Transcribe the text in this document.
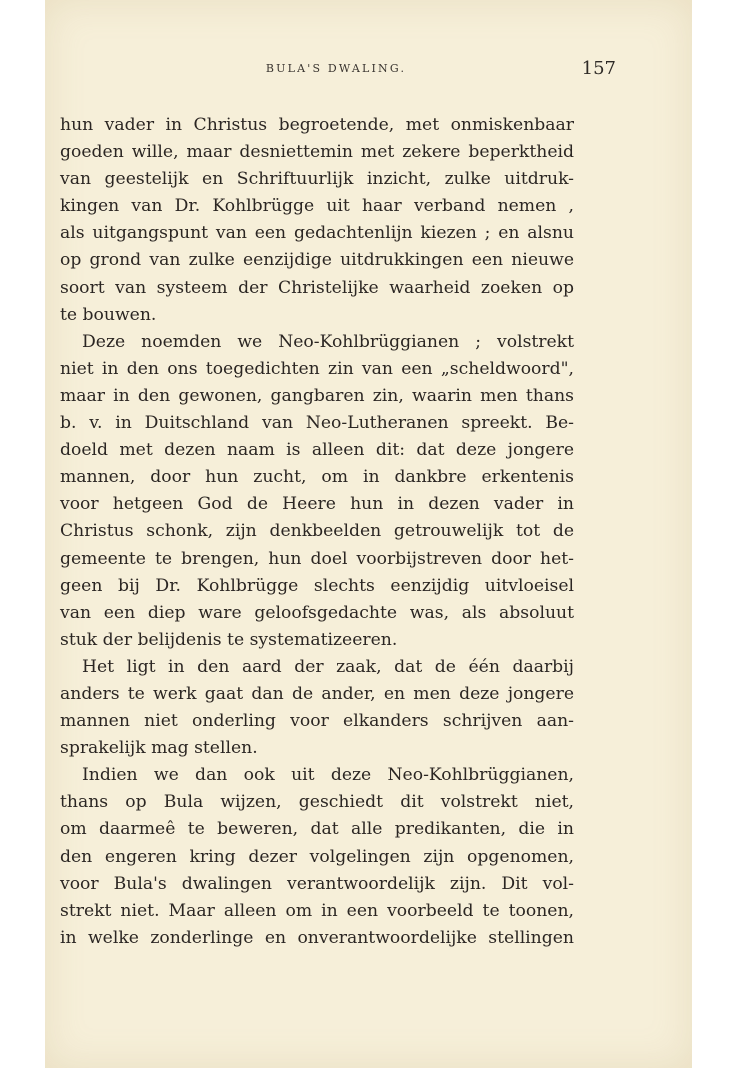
BULA'S DWALING.	157
hun vader in Christus begroetende, met onmiskenbaar
goeden wille, maar desniettemin met zekere beperktheid
van geestelijk en Schriftuurlijk inzicht, zulke uitdruk-
kingen van Dr. Kohlbrügge uit haar verband nemen ,
als uitgangspunt van een gedachtenlijn kiezen ; en alsnu
op grond van zulke eenzijdige uitdrukkingen een nieuwe
soort van systeem der Christelijke waarheid zoeken op
te bouwen.
Deze noemden we Neo-Kohlbrüggianen ; volstrekt
niet in den ons toegedichten zin van een „scheldwoord",
maar in den gewonen, gangbaren zin, waarin men thans
b. v. in Duitschland van Neo-Lutheranen spreekt. Be-
doeld met dezen naam is alleen dit: dat deze jongere
mannen, door hun zucht, om in dankbre erkentenis
voor hetgeen God de Heere hun in dezen vader in
Christus schonk, zijn denkbeelden getrouwelijk tot de
gemeente te brengen, hun doel voorbijstreven door het-
geen bij Dr. Kohlbrügge slechts eenzijdig uitvloeisel
van een diep ware geloofsgedachte was, als absoluut
stuk der belijdenis te systematizeeren.
Het ligt in den aard der zaak, dat de één daarbij
anders te werk gaat dan de ander, en men deze jongere
mannen niet onderling voor elkanders schrijven aan-
sprakelijk mag stellen.
Indien we dan ook uit deze Neo-Kohlbrüggianen,
thans op Bula wijzen, geschiedt dit volstrekt niet,
om daarmeê te beweren, dat alle predikanten, die in
den engeren kring dezer volgelingen zijn opgenomen,
voor Bula's dwalingen verantwoordelijk zijn. Dit vol-
strekt niet. Maar alleen om in een voorbeeld te toonen,
in welke zonderlinge en onverantwoordelijke stellingen
